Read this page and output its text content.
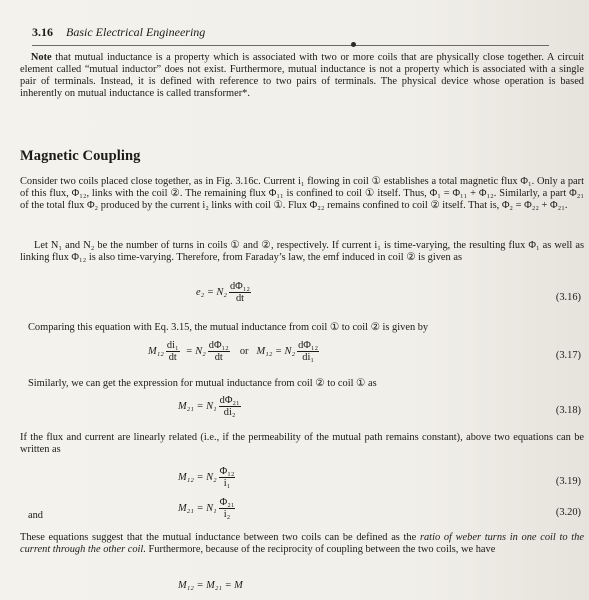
3.16 Basic Electrical Engineering
Note that mutual inductance is a property which is associated with two or more coils that are physically close together. A circuit element called “mutual inductor” does not exist. Furthermore, mutual inductance is not a property which is associated with a single pair of terminals. Instead, it is defined with reference to two pairs of terminals. The physical device whose operation is based inherently on mutual inductance is called transformer*.
Magnetic Coupling
Consider two coils placed close together, as in Fig. 3.16c. Current i₁ flowing in coil ① establishes a total magnetic flux Φ₁. Only a part of this flux, Φ₁₂, links with the coil ②. The remaining flux Φ₁₁ is confined to coil ① itself. Thus, Φ₁ = Φ₁₁ + Φ₁₂. Similarly, a part Φ₂₁ of the total flux Φ₂ produced by the current i₂ links with coil ①. Flux Φ₂₂ remains confined to coil ② itself. That is, Φ₂ = Φ₂₂ + Φ₂₁.
Let N₁ and N₂ be the number of turns in coils ① and ②, respectively. If current i₁ is time-varying, the resulting flux Φ₁ as well as linking flux Φ₁₂ is also time-varying. Therefore, from Faraday’s law, the emf induced in coil ② is given as
$e_2 = N_2 \frac{\text{dΦ₁₂}}{dt}$	(3.16)
Comparing this equation with Eq. 3.15, the mutual inductance from coil ① to coil ② is given by
$M_{12} \frac{\text{di₁}}{dt} = N_2 \frac{\text{dΦ₁₂}}{dt}$ or $M_{12} = N_2 \frac{\text{dΦ₁₂}}{\text{di₁}}$	(3.17)
Similarly, we can get the expression for mutual inductance from coil ② to coil ① as
$M_{21} = N_1 \frac{\text{dΦ₂₁}}{\text{di₂}}$	(3.18)
If the flux and current are linearly related (i.e., if the permeability of the mutual path remains constant), above two equations can be written as
$M_{12} = N_2 \frac{\text{Φ₁₂}}{\text{i₁}}$	(3.19)
and
$M_{21} = N_1 \frac{\text{Φ₂₁}}{\text{i₂}}$	(3.20)
These equations suggest that the mutual inductance between two coils can be defined as the ratio of weber turns in one coil to the current through the other coil. Furthermore, because of the reciprocity of coupling between the two coils, we have
M₁₂ = M₂₁ = M
